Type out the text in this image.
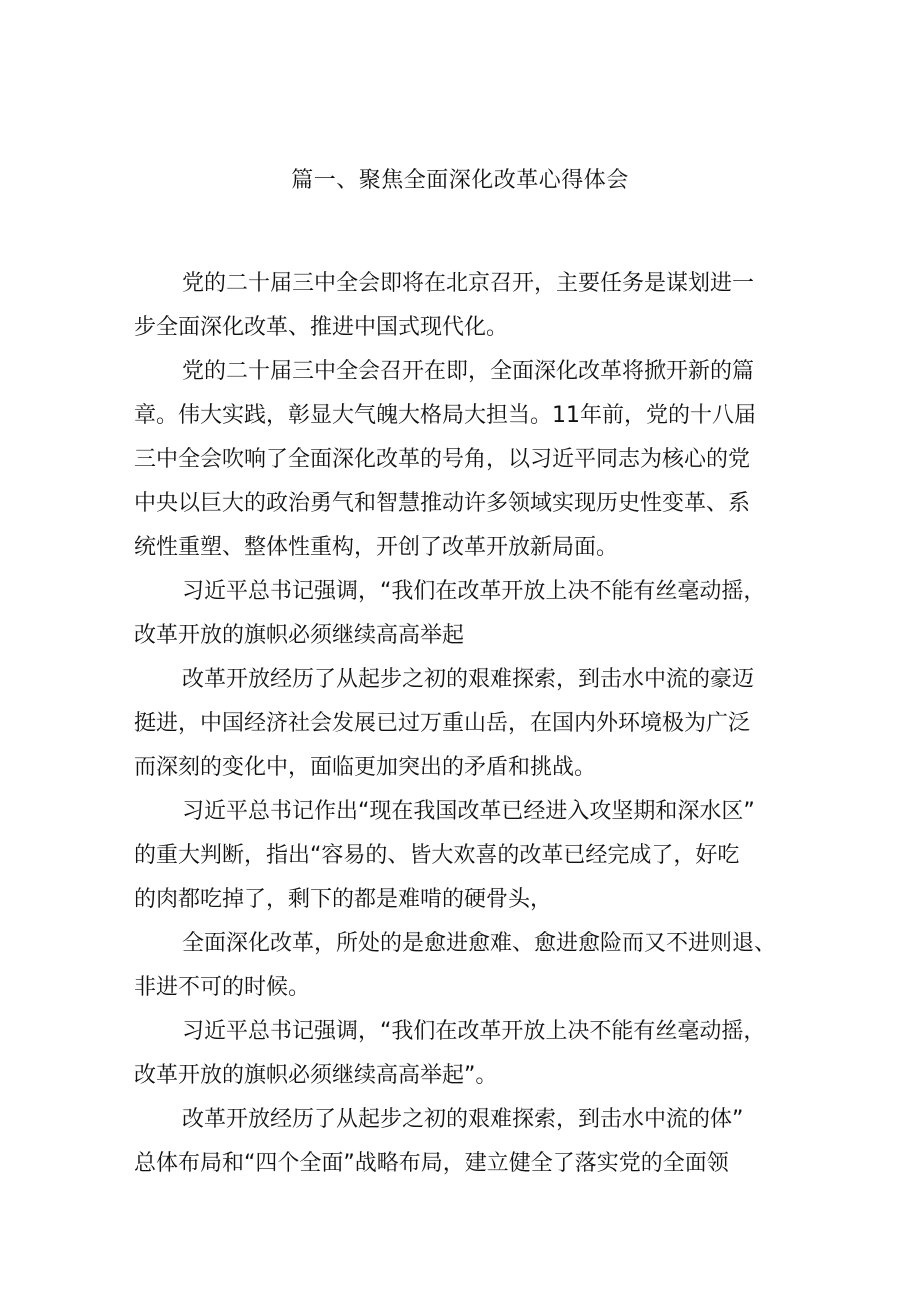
篇一、聚焦全面深化改革心得体会
党的二十届三中全会即将在北京召开，主要任务是谋划进一
步全面深化改革、推进中国式现代化。
党的二十届三中全会召开在即，全面深化改革将掀开新的篇
章。伟大实践，彰显大气魄大格局大担当。11年前，党的十八届
三中全会吹响了全面深化改革的号角，以习近平同志为核心的党
中央以巨大的政治勇气和智慧推动许多领域实现历史性变革、系
统性重塑、整体性重构，开创了改革开放新局面。
习近平总书记强调，“我们在改革开放上决不能有丝毫动摇，
改革开放的旗帜必须继续高高举起
改革开放经历了从起步之初的艰难探索，到击水中流的豪迈
挺进，中国经济社会发展已过万重山岳，在国内外环境极为广泛
而深刻的变化中，面临更加突出的矛盾和挑战。
习近平总书记作出“现在我国改革已经进入攻坚期和深水区”
的重大判断，指出“容易的、皆大欢喜的改革已经完成了，好吃
的肉都吃掉了，剩下的都是难啃的硬骨头，
全面深化改革，所处的是愈进愈难、愈进愈险而又不进则退、
非进不可的时候。
习近平总书记强调，“我们在改革开放上决不能有丝毫动摇，
改革开放的旗帜必须继续高高举起”。
改革开放经历了从起步之初的艰难探索，到击水中流的体”
总体布局和“四个全面”战略布局，建立健全了落实党的全面领
